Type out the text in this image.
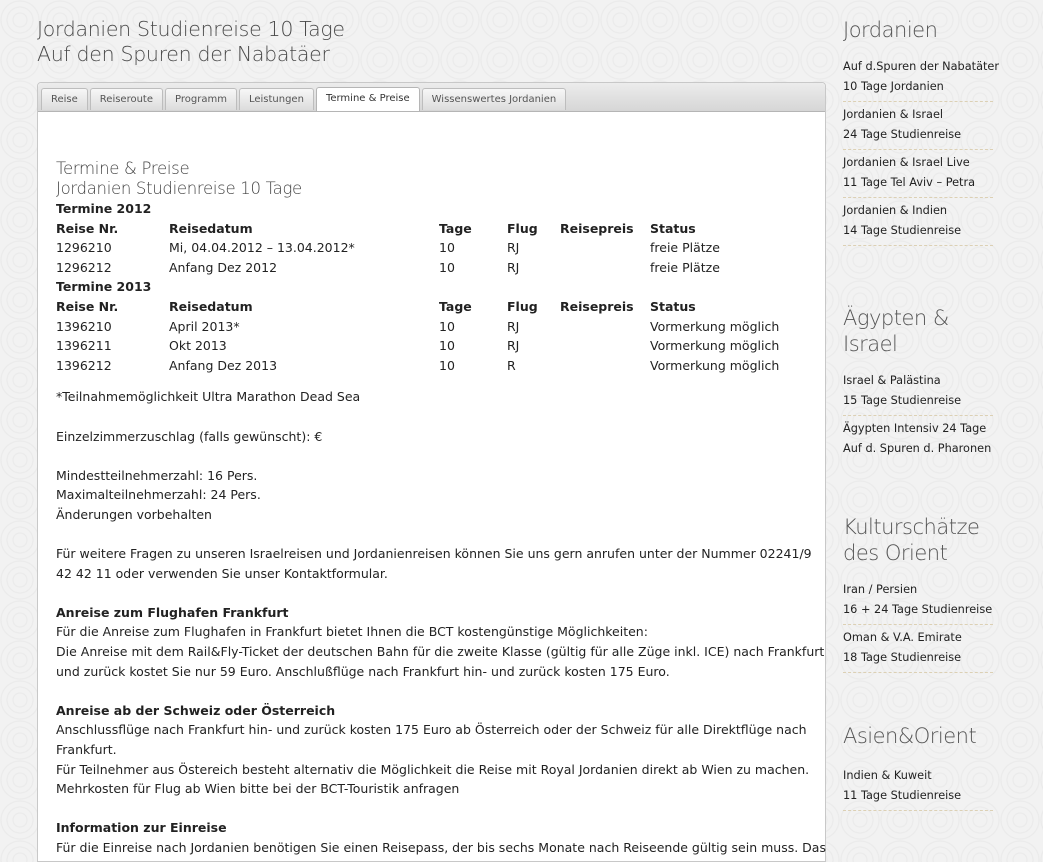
Jordanien Studienreise 10 Tage
Auf den Spuren der Nabatäer
Reise	Reiseroute	Programm	Leistungen	Termine & Preise	Wissenswertes Jordanien
Termine & Preise
Jordanien Studienreise 10 Tage
Termine 2012
Reise Nr.	Reisedatum	Tage	Flug	Reisepreis	Status
1296210	Mi, 04.04.2012 – 13.04.2012*	10	RJ		freie Plätze
1296212	Anfang Dez 2012	10	RJ		freie Plätze
Termine 2013
Reise Nr.	Reisedatum	Tage	Flug	Reisepreis	Status
1396210	April 2013*	10	RJ		Vormerkung möglich
1396211	Okt 2013	10	RJ		Vormerkung möglich
1396212	Anfang Dez 2013	10	R		Vormerkung möglich
*Teilnahmemöglichkeit Ultra Marathon Dead Sea
Einzelzimmerzuschlag (falls gewünscht): €
Mindestteilnehmerzahl: 16 Pers.
Maximalteilnehmerzahl: 24 Pers.
Änderungen vorbehalten
Für weitere Fragen zu unseren Israelreisen und Jordanienreisen können Sie uns gern anrufen unter der Nummer 02241/9
42 42 11 oder verwenden Sie unser Kontaktformular.
Anreise zum Flughafen Frankfurt
Für die Anreise zum Flughafen in Frankfurt bietet Ihnen die BCT kostengünstige Möglichkeiten:
Die Anreise mit dem Rail&Fly-Ticket der deutschen Bahn für die zweite Klasse (gültig für alle Züge inkl. ICE) nach Frankfurt
und zurück kostet Sie nur 59 Euro. Anschlußflüge nach Frankfurt hin- und zurück kosten 175 Euro.
Anreise ab der Schweiz oder Österreich
Anschlussflüge nach Frankfurt hin- und zurück kosten 175 Euro ab Österreich oder der Schweiz für alle Direktflüge nach
Frankfurt.
Für Teilnehmer aus Östereich besteht alternativ die Möglichkeit die Reise mit Royal Jordanien direkt ab Wien zu machen.
Mehrkosten für Flug ab Wien bitte bei der BCT-Touristik anfragen
Information zur Einreise
Für die Einreise nach Jordanien benötigen Sie einen Reisepass, der bis sechs Monate nach Reiseende gültig sein muss. Das
Jordanien
Auf d.Spuren der Nabatäter
10 Tage Jordanien
Jordanien & Israel
24 Tage Studienreise
Jordanien & Israel Live
11 Tage Tel Aviv – Petra
Jordanien & Indien
14 Tage Studienreise
Ägypten &
Israel
Israel & Palästina
15 Tage Studienreise
Ägypten Intensiv 24 Tage
Auf d. Spuren d. Pharonen
Kulturschätze
des Orient
Iran / Persien
16 + 24 Tage Studienreise
Oman & V.A. Emirate
18 Tage Studienreise
Asien&Orient
Indien & Kuweit
11 Tage Studienreise
